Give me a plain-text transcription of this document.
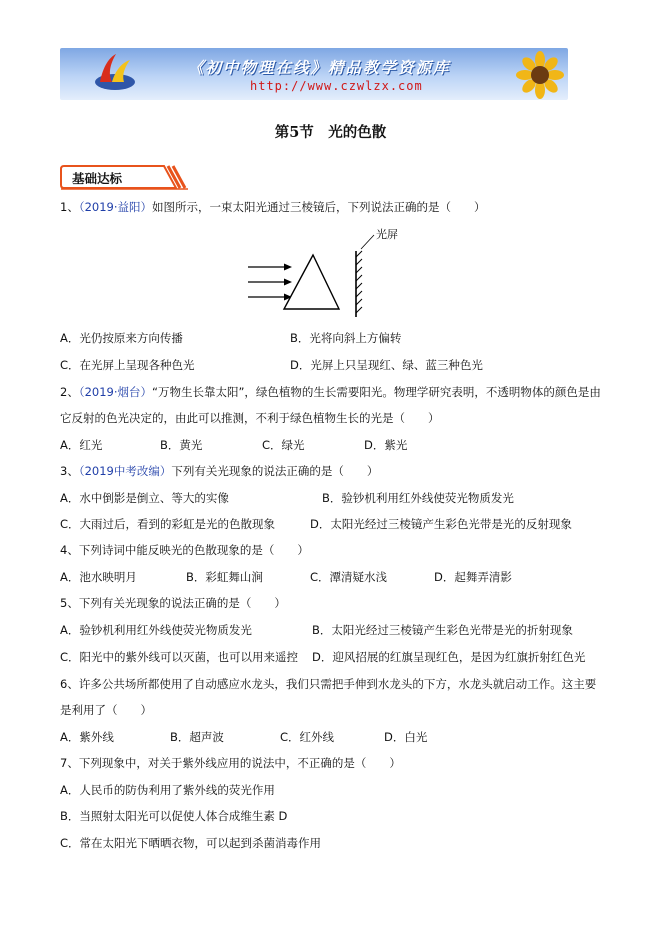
《初中物理在线》精品教学资源库
http://www.czwlzx.com
第5节　光的色散
基础达标
1、（2019·益阳）如图所示，一束太阳光通过三棱镜后，下列说法正确的是（　　）
光屏
A．光仍按原来方向传播	B．光将向斜上方偏转
C．在光屏上呈现各种色光	D．光屏上只呈现红、绿、蓝三种色光
2、（2019·烟台）“万物生长靠太阳”，绿色植物的生长需要阳光。物理学研究表明，不透明物体的颜色是由
它反射的色光决定的，由此可以推测，不利于绿色植物生长的光是（　　）
A．红光	B．黄光	C．绿光	D．紫光
3、（2019中考改编）下列有关光现象的说法正确的是（　　）
A．水中倒影是倒立、等大的实像	B．验钞机利用红外线使荧光物质发光
C．大雨过后，看到的彩虹是光的色散现象	D．太阳光经过三棱镜产生彩色光带是光的反射现象
4、下列诗词中能反映光的色散现象的是（　　）
A．池水映明月	B．彩虹舞山涧	C．潭清疑水浅	D．起舞弄清影
5、下列有关光现象的说法正确的是（　　）
A．验钞机利用红外线使荧光物质发光	B．太阳光经过三棱镜产生彩色光带是光的折射现象
C．阳光中的紫外线可以灭菌，也可以用来遥控 D．迎风招展的红旗呈现红色，是因为红旗折射红色光
6、许多公共场所都使用了自动感应水龙头，我们只需把手伸到水龙头的下方，水龙头就启动工作。这主要
是利用了（　　）
A．紫外线	B．超声波	C．红外线	D．白光
7、下列现象中，对关于紫外线应用的说法中，不正确的是（　　）
A．人民币的防伪利用了紫外线的荧光作用
B．当照射太阳光可以促使人体合成维生素 D
C．常在太阳光下晒晒衣物，可以起到杀菌消毒作用
